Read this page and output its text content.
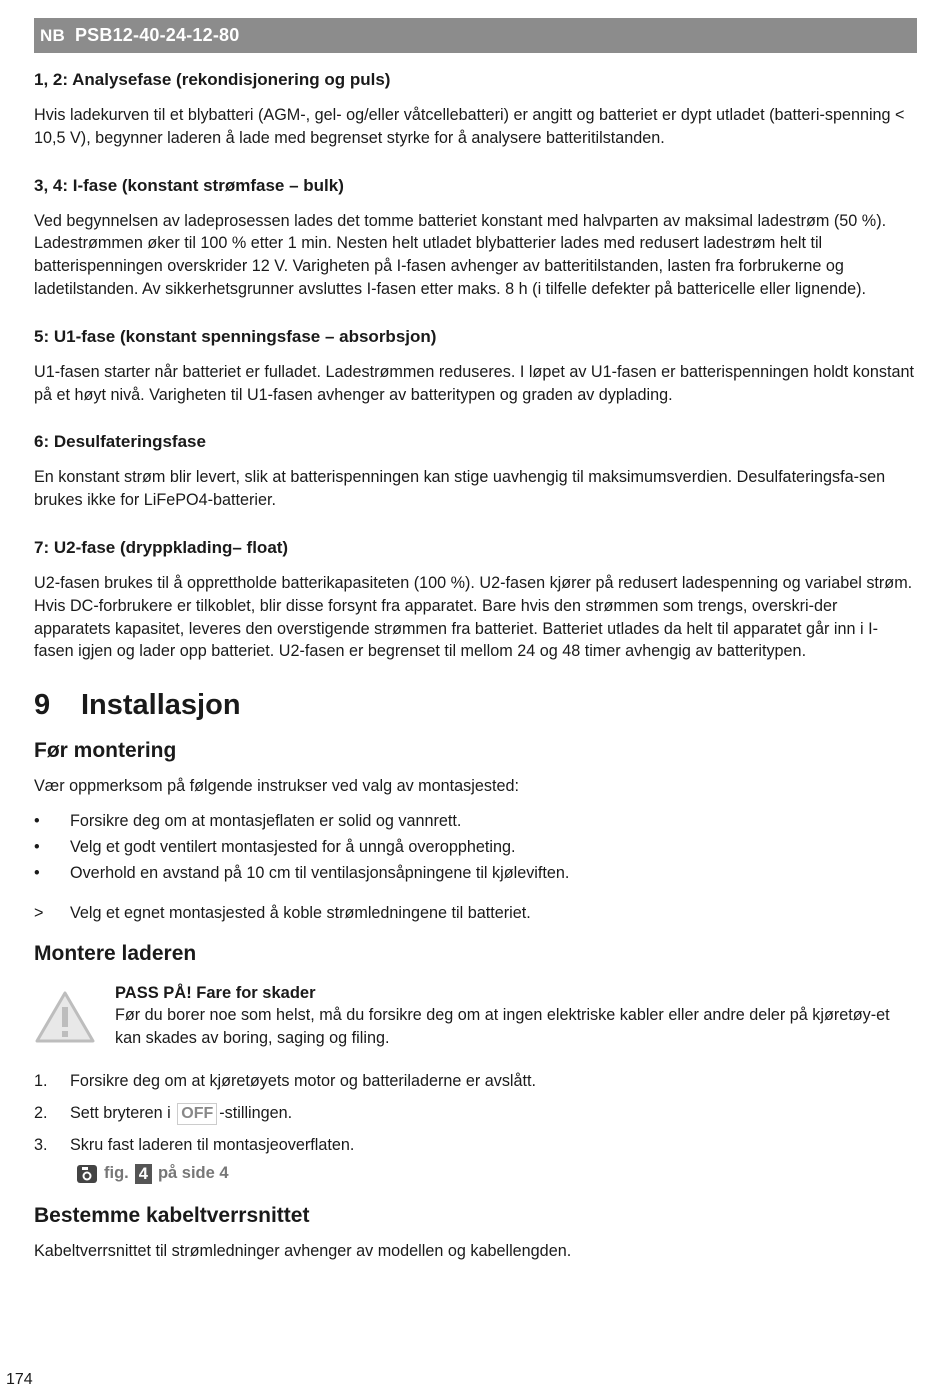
NB PSB12-40-24-12-80
1, 2: Analysefase (rekondisjonering og puls)

Hvis ladekurven til et blybatteri (AGM-, gel- og/eller våtcellebatteri) er angitt og batteriet er dypt utladet (batteri-spenning < 10,5 V), begynner laderen å lade med begrenset styrke for å analysere batteritilstanden.

3, 4: I-fase (konstant strømfase – bulk)

Ved begynnelsen av ladeprosessen lades det tomme batteriet konstant med halvparten av maksimal ladestrøm (50 %). Ladestrømmen øker til 100 % etter 1 min. Nesten helt utladet blybatterier lades med redusert ladestrøm helt til batterispenningen overskrider 12 V. Varigheten på I-fasen avhenger av batteritilstanden, lasten fra forbrukerne og ladetilstanden. Av sikkerhetsgrunner avsluttes I-fasen etter maks. 8 h (i tilfelle defekter på battericelle eller lignende).

5: U1-fase (konstant spenningsfase – absorbsjon)

U1-fasen starter når batteriet er fulladet. Ladestrømmen reduseres. I løpet av U1-fasen er batterispenningen holdt konstant på et høyt nivå. Varigheten til U1-fasen avhenger av batteritypen og graden av dyplading.

6: Desulfateringsfase

En konstant strøm blir levert, slik at batterispenningen kan stige uavhengig til maksimumsverdien. Desulfateringsfa-sen brukes ikke for LiFePO4-batterier.

7: U2-fase (dryppklading– float)

U2-fasen brukes til å opprettholde batterikapasiteten (100 %). U2-fasen kjører på redusert ladespenning og variabel strøm. Hvis DC-forbrukere er tilkoblet, blir disse forsynt fra apparatet. Bare hvis den strømmen som trengs, overskri-der apparatets kapasitet, leveres den overstigende strømmen fra batteriet. Batteriet utlades da helt til apparatet går inn i I-fasen igjen og lader opp batteriet. U2-fasen er begrenset til mellom 24 og 48 timer avhengig av batteritypen.

9 Installasjon
Før montering

Vær oppmerksom på følgende instrukser ved valg av montasjested:

•	Forsikre deg om at montasjeflaten er solid og vannrett.
•	Velg et godt ventilert montasjested for å unngå overoppheting.
•	Overhold en avstand på 10 cm til ventilasjonsåpningene til kjøleviften.
>	Velg et egnet montasjested å koble strømledningene til batteriet.
Montere laderen
PASS PÅ! Fare for skader
Før du borer noe som helst, må du forsikre deg om at ingen elektriske kabler eller andre deler på kjøretøy-et kan skades av boring, saging og filing.
1.	Forsikre deg om at kjøretøyets motor og batteriladerne er avslått.
2.	Sett bryteren i OFF -stillingen.
3.	Skru fast laderen til montasjeoverflaten.
fig. 4 på side 4
Bestemme kabeltverrsnittet

Kabeltverrsnittet til strømledninger avhenger av modellen og kabellengden.

174
